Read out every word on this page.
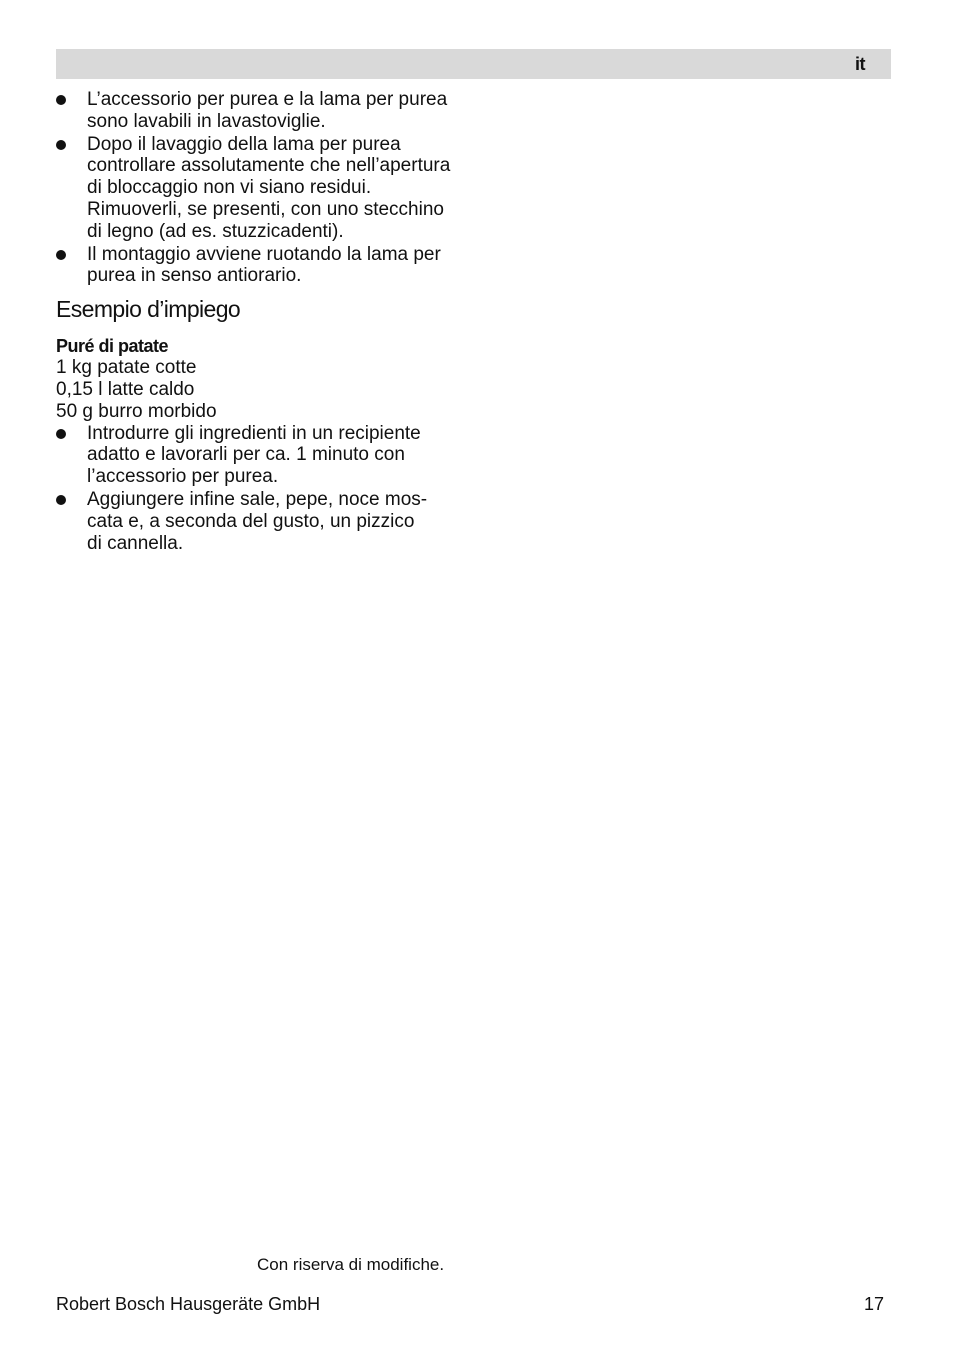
it
L’accessorio per purea e la lama per purea
sono lavabili in lavastoviglie.
Dopo il lavaggio della lama per purea
controllare assolutamente che nell’apertura
di bloccaggio non vi siano residui.
Rimuoverli, se presenti, con uno stecchino
di legno (ad es. stuzzicadenti).
Il montaggio avviene ruotando la lama per
purea in senso antiorario.
Esempio d’impiego
Puré di patate
1 kg patate cotte
0,15 l latte caldo
50 g burro morbido
Introdurre gli ingredienti in un recipiente
adatto e lavorarli per ca. 1 minuto con
l’accessorio per purea.
Aggiungere infine sale, pepe, noce mos-
cata e, a seconda del gusto, un pizzico
di cannella.
Con riserva di modifiche.
Robert Bosch Hausgeräte GmbH	17
